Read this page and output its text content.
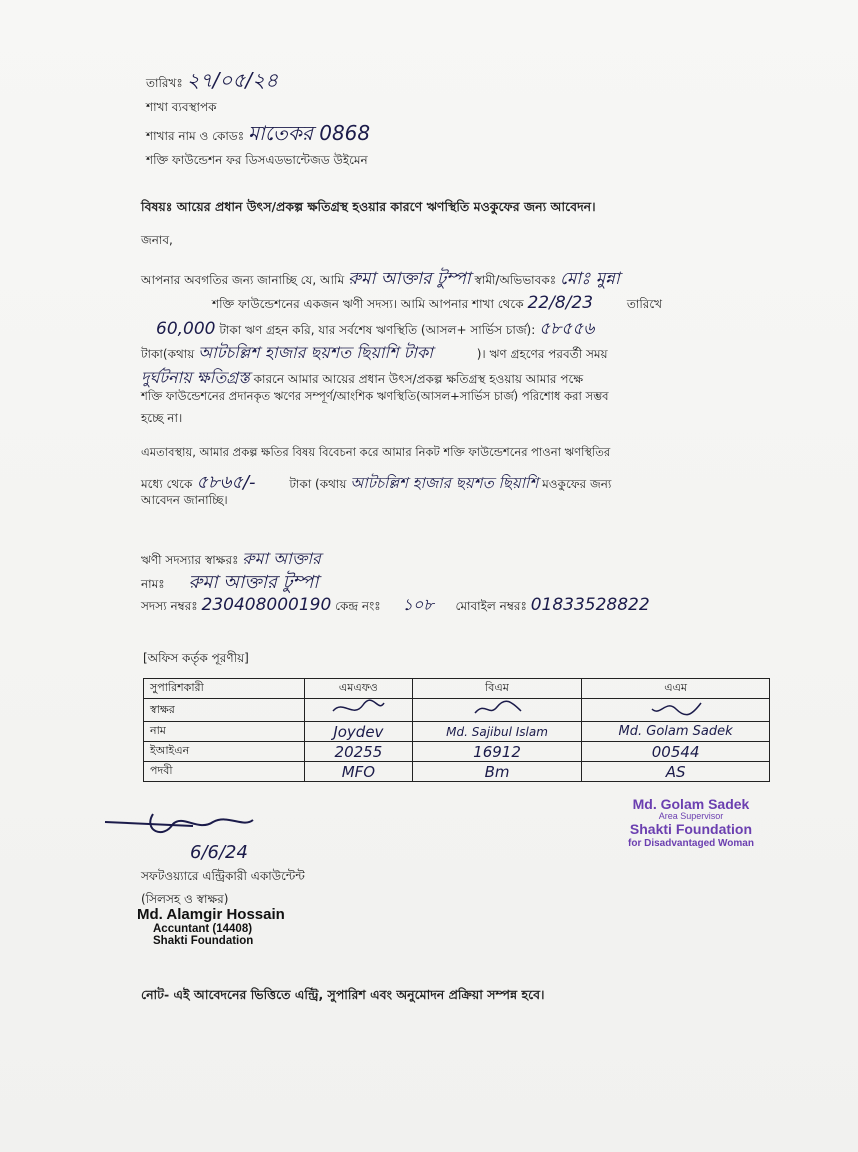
তারিখঃ ২৭/০৫/২৪
শাখা ব্যবস্থাপক
শাখার নাম ও কোডঃ মাতেকর 0868
শক্তি ফাউন্ডেশন ফর ডিসএডভান্টেজড উইমেন
বিষয়ঃ আয়ের প্রধান উৎস/প্রকল্প ক্ষতিগ্রস্থ হওয়ার কারণে ঋণস্থিতি মওকুফের জন্য আবেদন।
জনাব,
আপনার অবগতির জন্য জানাচ্ছি যে, আমি রুমা আক্তার টুম্পা স্বামী/অভিভাবকঃ মোঃ মুন্না
শক্তি ফাউন্ডেশনের একজন ঋণী সদস্য। আমি আপনার শাখা থেকে 22/8/23	তারিখে
60,000 টাকা ঋণ গ্রহন করি, যার সর্বশেষ ঋণস্থিতি (আসল+ সার্ভিস চার্জ): ৫৮৫৫৬
টাকা(কথায় আটচল্লিশ হাজার ছয়শত ছিয়াশি টাকা	)। ঋণ গ্রহণের পরবর্তী সময়
দুর্ঘটনায় ক্ষতিগ্রস্ত কারনে আমার আয়ের প্রধান উৎস/প্রকল্প ক্ষতিগ্রস্থ হওয়ায় আমার পক্ষে
শক্তি ফাউন্ডেশনের প্রদানকৃত ঋণের সম্পূর্ণ/আংশিক ঋণস্থিতি(আসল+সার্ভিস চার্জ) পরিশোধ করা সম্ভব
হচ্ছে না।
এমতাবস্থায়, আমার প্রকল্প ক্ষতির বিষয় বিবেচনা করে আমার নিকট শক্তি ফাউন্ডেশনের পাওনা ঋণস্থিতির
মধ্যে থেকে ৫৮৬৫/-	টাকা (কথায় আটচল্লিশ হাজার ছয়শত ছিয়াশি মওকুফের জন্য
আবেদন জানাচ্ছি।
ঋণী সদস্যার স্বাক্ষরঃ রুমা আক্তার
নামঃ রুমা আক্তার টুম্পা
সদস্য নম্বরঃ 230408000190 কেন্দ্র নংঃ ১০৮ মোবাইল নম্বরঃ 01833528822
[অফিস কর্তৃক পূরণীয়]
সুপারিশকারী	এমএফও	বিএম	এএম
স্বাক্ষর			
নাম	Joydev	Md. Sajibul Islam	Md. Golam Sadek
ইআইএন	20255	16912	00544
পদবী	MFO	Bm	AS
Md. Golam Sadek
Area Supervisor
Shakti Foundation
for Disadvantaged Woman
6/6/24
সফটওয়্যারে এন্ট্রিকারী একাউন্টেন্ট
(সিলসহ ও স্বাক্ষর)
Md. Alamgir Hossain
Accuntant (14408)
Shakti Foundation
নোট- এই আবেদনের ভিত্তিতে এন্ট্রি, সুপারিশ এবং অনুমোদন প্রক্রিয়া সম্পন্ন হবে।
